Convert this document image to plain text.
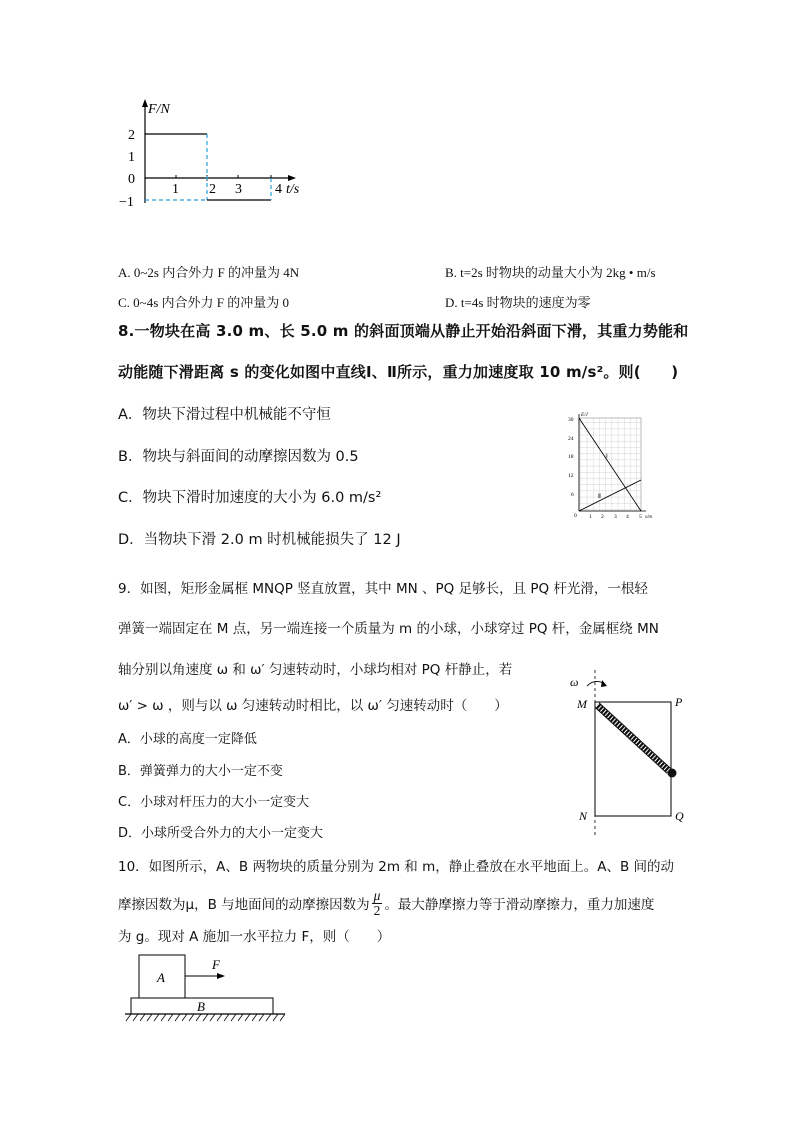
F/N
2
1
0
−1
1 2 3 4 t/s
A. 0~2s 内合外力 F 的冲量为 4N	B. t=2s 时物块的动量大小为 2kg • m/s
C. 0~4s 内合外力 F 的冲量为 0	D. t=4s 时物块的速度为零
8.一物块在高 3.0 m、长 5.0 m 的斜面顶端从静止开始沿斜面下滑，其重力势能和
动能随下滑距离 s 的变化如图中直线Ⅰ、Ⅱ所示，重力加速度取 10 m/s²。则(　　)
A．物块下滑过程中机械能不守恒
B．物块与斜面间的动摩擦因数为 0.5
C．物块下滑时加速度的大小为 6.0 m/s²
D．当物块下滑 2.0 m 时机械能损失了 12 J
E/J
30
24
18
12
6
0 1 2 3 4 5 s/m
Ⅰ
Ⅱ
9．如图，矩形金属框 MNQP 竖直放置，其中 MN 、PQ 足够长，且 PQ 杆光滑，一根轻
弹簧一端固定在 M 点，另一端连接一个质量为 m 的小球，小球穿过 PQ 杆，金属框绕 MN
轴分别以角速度 ω 和 ω′ 匀速转动时，小球均相对 PQ 杆静止，若
ω′ > ω ，则与以 ω 匀速转动时相比，以 ω′ 匀速转动时（　　）
A．小球的高度一定降低
B．弹簧弹力的大小一定不变
C．小球对杆压力的大小一定变大
D．小球所受合外力的大小一定变大
ω
M	P
N	Q
10．如图所示，A、B 两物块的质量分别为 2m 和 m，静止叠放在水平地面上。A、B 间的动
摩擦因数为μ，B 与地面间的动摩擦因数为 $\frac{\mu}{2}$ 。最大静摩擦力等于滑动摩擦力，重力加速度
为 g。现对 A 施加一水平拉力 F，则（　　）
A
F
B
